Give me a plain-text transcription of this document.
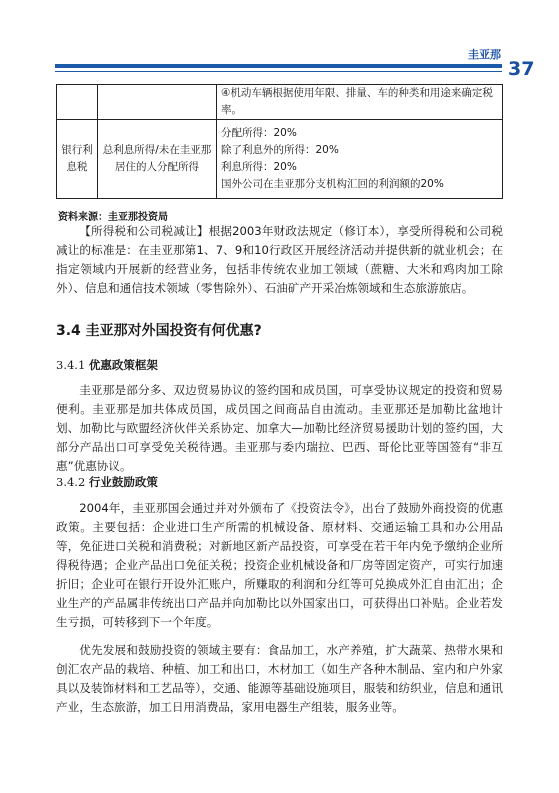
圭亚那
37
		④机动车辆根据使用年限、排量、车的种类和用途来确定税率。
银行利息税	总利息所得/未在圭亚那居住的人分配所得	分配所得：20%
除了利息外的所得：20%
利息所得：20%
国外公司在圭亚那分支机构汇回的利润额的20%
资料来源：圭亚那投资局

【所得税和公司税减让】根据2003年财政法规定（修订本），享受所得税和公司税减让的标准是：在圭亚那第1、7、9和10行政区开展经济活动并提供新的就业机会；在指定领域内开展新的经营业务，包括非传统农业加工领域（蔗糖、大米和鸡肉加工除外）、信息和通信技术领域（零售除外）、石油矿产开采冶炼领域和生态旅游旅店。

3.4 圭亚那对外国投资有何优惠?
3.4.1 优惠政策框架

圭亚那是部分多、双边贸易协议的签约国和成员国，可享受协议规定的投资和贸易便利。圭亚那是加共体成员国，成员国之间商品自由流动。圭亚那还是加勒比盆地计划、加勒比与欧盟经济伙伴关系协定、加拿大—加勒比经济贸易援助计划的签约国，大部分产品出口可享受免关税待遇。圭亚那与委内瑞拉、巴西、哥伦比亚等国签有“非互惠”优惠协议。

3.4.2 行业鼓励政策

2004年，圭亚那国会通过并对外颁布了《投资法令》，出台了鼓励外商投资的优惠政策。主要包括：企业进口生产所需的机械设备、原材料、交通运输工具和办公用品等，免征进口关税和消费税；对新地区新产品投资，可享受在若干年内免予缴纳企业所得税待遇；企业产品出口免征关税；投资企业机械设备和厂房等固定资产，可实行加速折旧；企业可在银行开设外汇账户，所赚取的利润和分红等可兑换成外汇自由汇出；企业生产的产品属非传统出口产品并向加勒比以外国家出口，可获得出口补贴。企业若发生亏损，可转移到下一个年度。

优先发展和鼓励投资的领域主要有：食品加工，水产养殖，扩大蔬菜、热带水果和创汇农产品的栽培、种植、加工和出口，木材加工（如生产各种木制品、室内和户外家具以及装饰材料和工艺品等），交通、能源等基础设施项目，服装和纺织业，信息和通讯产业，生态旅游，加工日用消费品，家用电器生产组装，服务业等。
